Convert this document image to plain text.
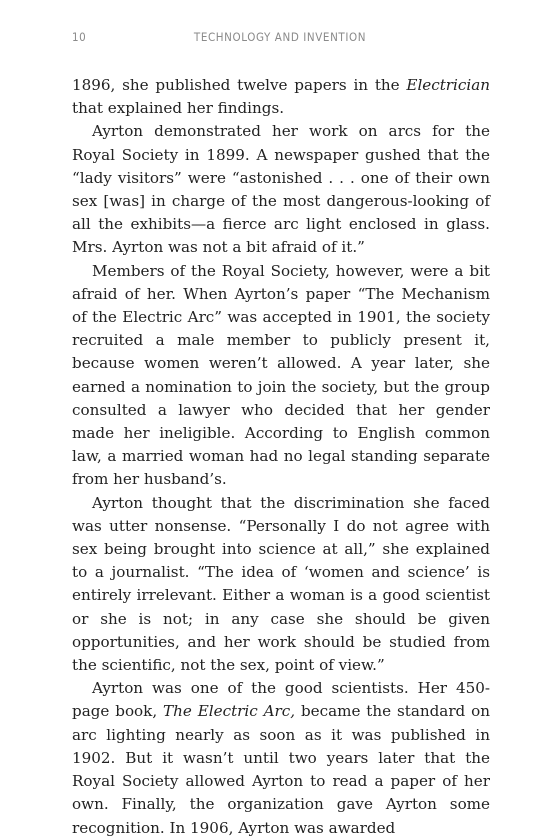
10	TECHNOLOGY AND INVENTION

1896, she published twelve papers in the Electrician that explained her findings.

Ayrton demonstrated her work on arcs for the Royal Society in 1899. A newspaper gushed that the “lady visitors” were “astonished . . . one of their own sex [was] in charge of the most dangerous-looking of all the exhibits—a fierce arc light enclosed in glass. Mrs. Ayrton was not a bit afraid of it.”

Members of the Royal Society, however, were a bit afraid of her. When Ayrton’s paper “The Mechanism of the Electric Arc” was accepted in 1901, the society recruited a male member to publicly present it, because women weren’t allowed. A year later, she earned a nomination to join the society, but the group consulted a lawyer who decided that her gender made her ineligible. According to English common law, a married woman had no legal standing separate from her husband’s.

Ayrton thought that the discrimination she faced was utter nonsense. “Personally I do not agree with sex being brought into science at all,” she explained to a journalist. “The idea of ‘women and science’ is entirely irrelevant. Either a woman is a good scientist or she is not; in any case she should be given opportunities, and her work should be studied from the scientific, not the sex, point of view.”

Ayrton was one of the good scientists. Her 450-page book, The Electric Arc, became the standard on arc lighting nearly as soon as it was published in 1902. But it wasn’t until two years later that the Royal Society allowed Ayrton to read a paper of her own. Finally, the organization gave Ayrton some recognition. In 1906, Ayrton was awarded
